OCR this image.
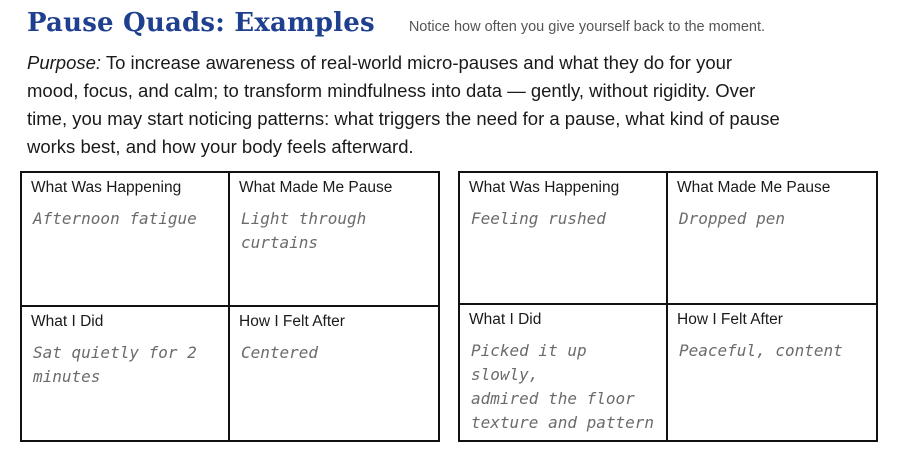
Pause Quads: Examples Notice how often you give yourself back to the moment.

Purpose: To increase awareness of real-world micro-pauses and what they do for your mood, focus, and calm; to transform mindfulness into data — gently, without rigidity. Over time, you may start noticing patterns: what triggers the need for a pause, what kind of pause works best, and how your body feels afterward.

What Was Happening
Afternoon fatigue
What Made Me Pause
Light through
curtains
What I Did
Sat quietly for 2
minutes
How I Felt After
Centered
What Was Happening
Feeling rushed
What Made Me Pause
Dropped pen
What I Did
Picked it up slowly,
admired the floor
texture and pattern
How I Felt After
Peaceful, content
